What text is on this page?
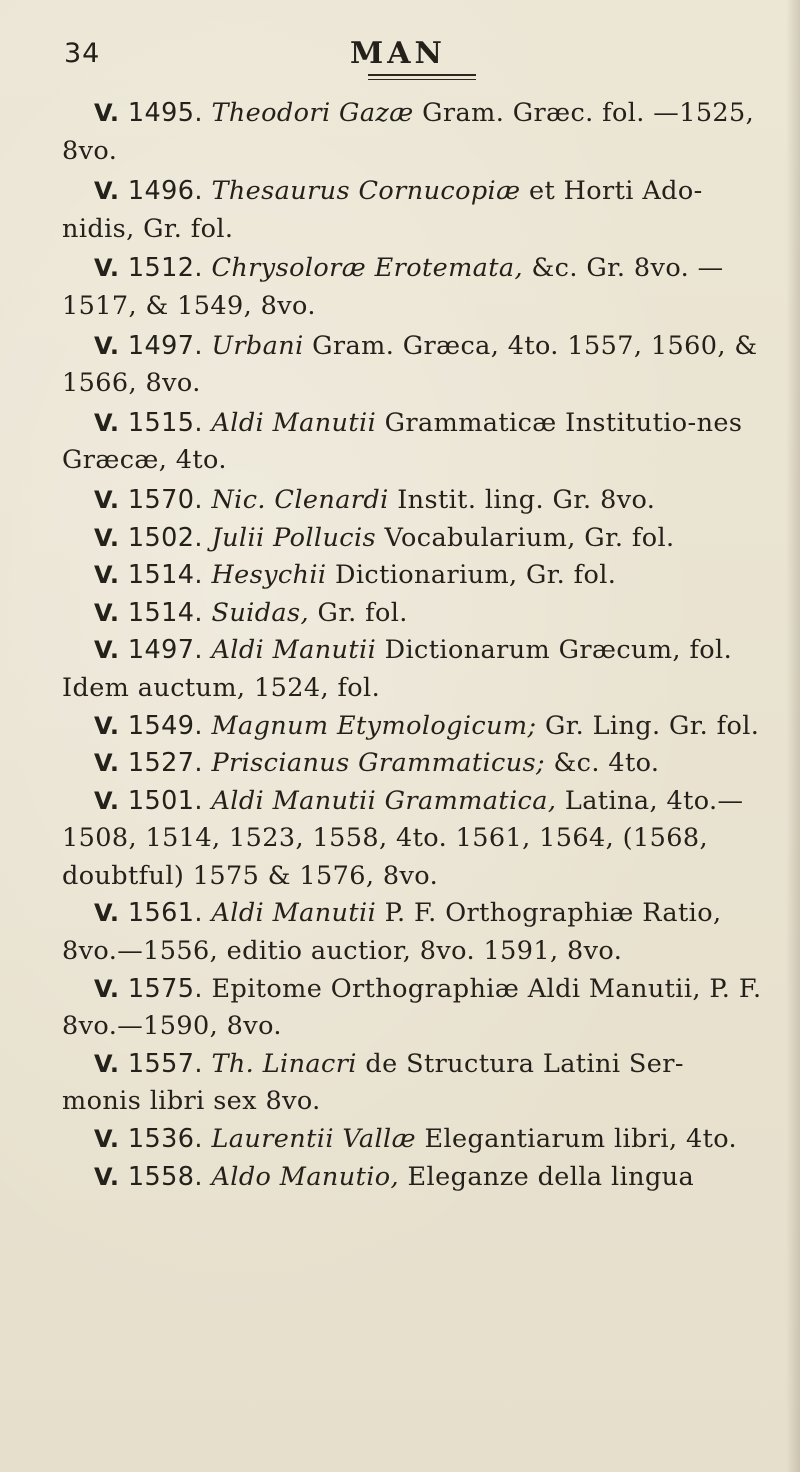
34	MAN
V. 1495. Theodori Gazæ Gram. Græc. fol. —1525, 8vo.
V. 1496. Thesaurus Cornucopiæ et Horti Ado-nidis, Gr. fol.
V. 1512. Chrysoloræ Erotemata, &c. Gr. 8vo. —1517, & 1549, 8vo.
V. 1497. Urbani Gram. Græca, 4to. 1557, 1560, & 1566, 8vo.
V. 1515. Aldi Manutii Grammaticæ Institutio-nes Græcæ, 4to.
V. 1570. Nic. Clenardi Instit. ling. Gr. 8vo.
V. 1502. Julii Pollucis Vocabularium, Gr. fol.
V. 1514. Hesychii Dictionarium, Gr. fol.
V. 1514. Suidas, Gr. fol.
V. 1497. Aldi Manutii Dictionarum Græcum, fol. Idem auctum, 1524, fol.
V. 1549. Magnum Etymologicum; Gr. Ling. Gr. fol.
V. 1527. Priscianus Grammaticus; &c. 4to.
V. 1501. Aldi Manutii Grammatica, Latina, 4to.—1508, 1514, 1523, 1558, 4to. 1561, 1564, (1568, doubtful) 1575 & 1576, 8vo.
V. 1561. Aldi Manutii P. F. Orthographiæ Ratio, 8vo.—1556, editio auctior, 8vo. 1591, 8vo.
V. 1575. Epitome Orthographiæ Aldi Manutii, P. F. 8vo.—1590, 8vo.
V. 1557. Th. Linacri de Structura Latini Ser-monis libri sex 8vo.
V. 1536. Laurentii Vallæ Elegantiarum libri, 4to.
V. 1558. Aldo Manutio, Eleganze della lingua
